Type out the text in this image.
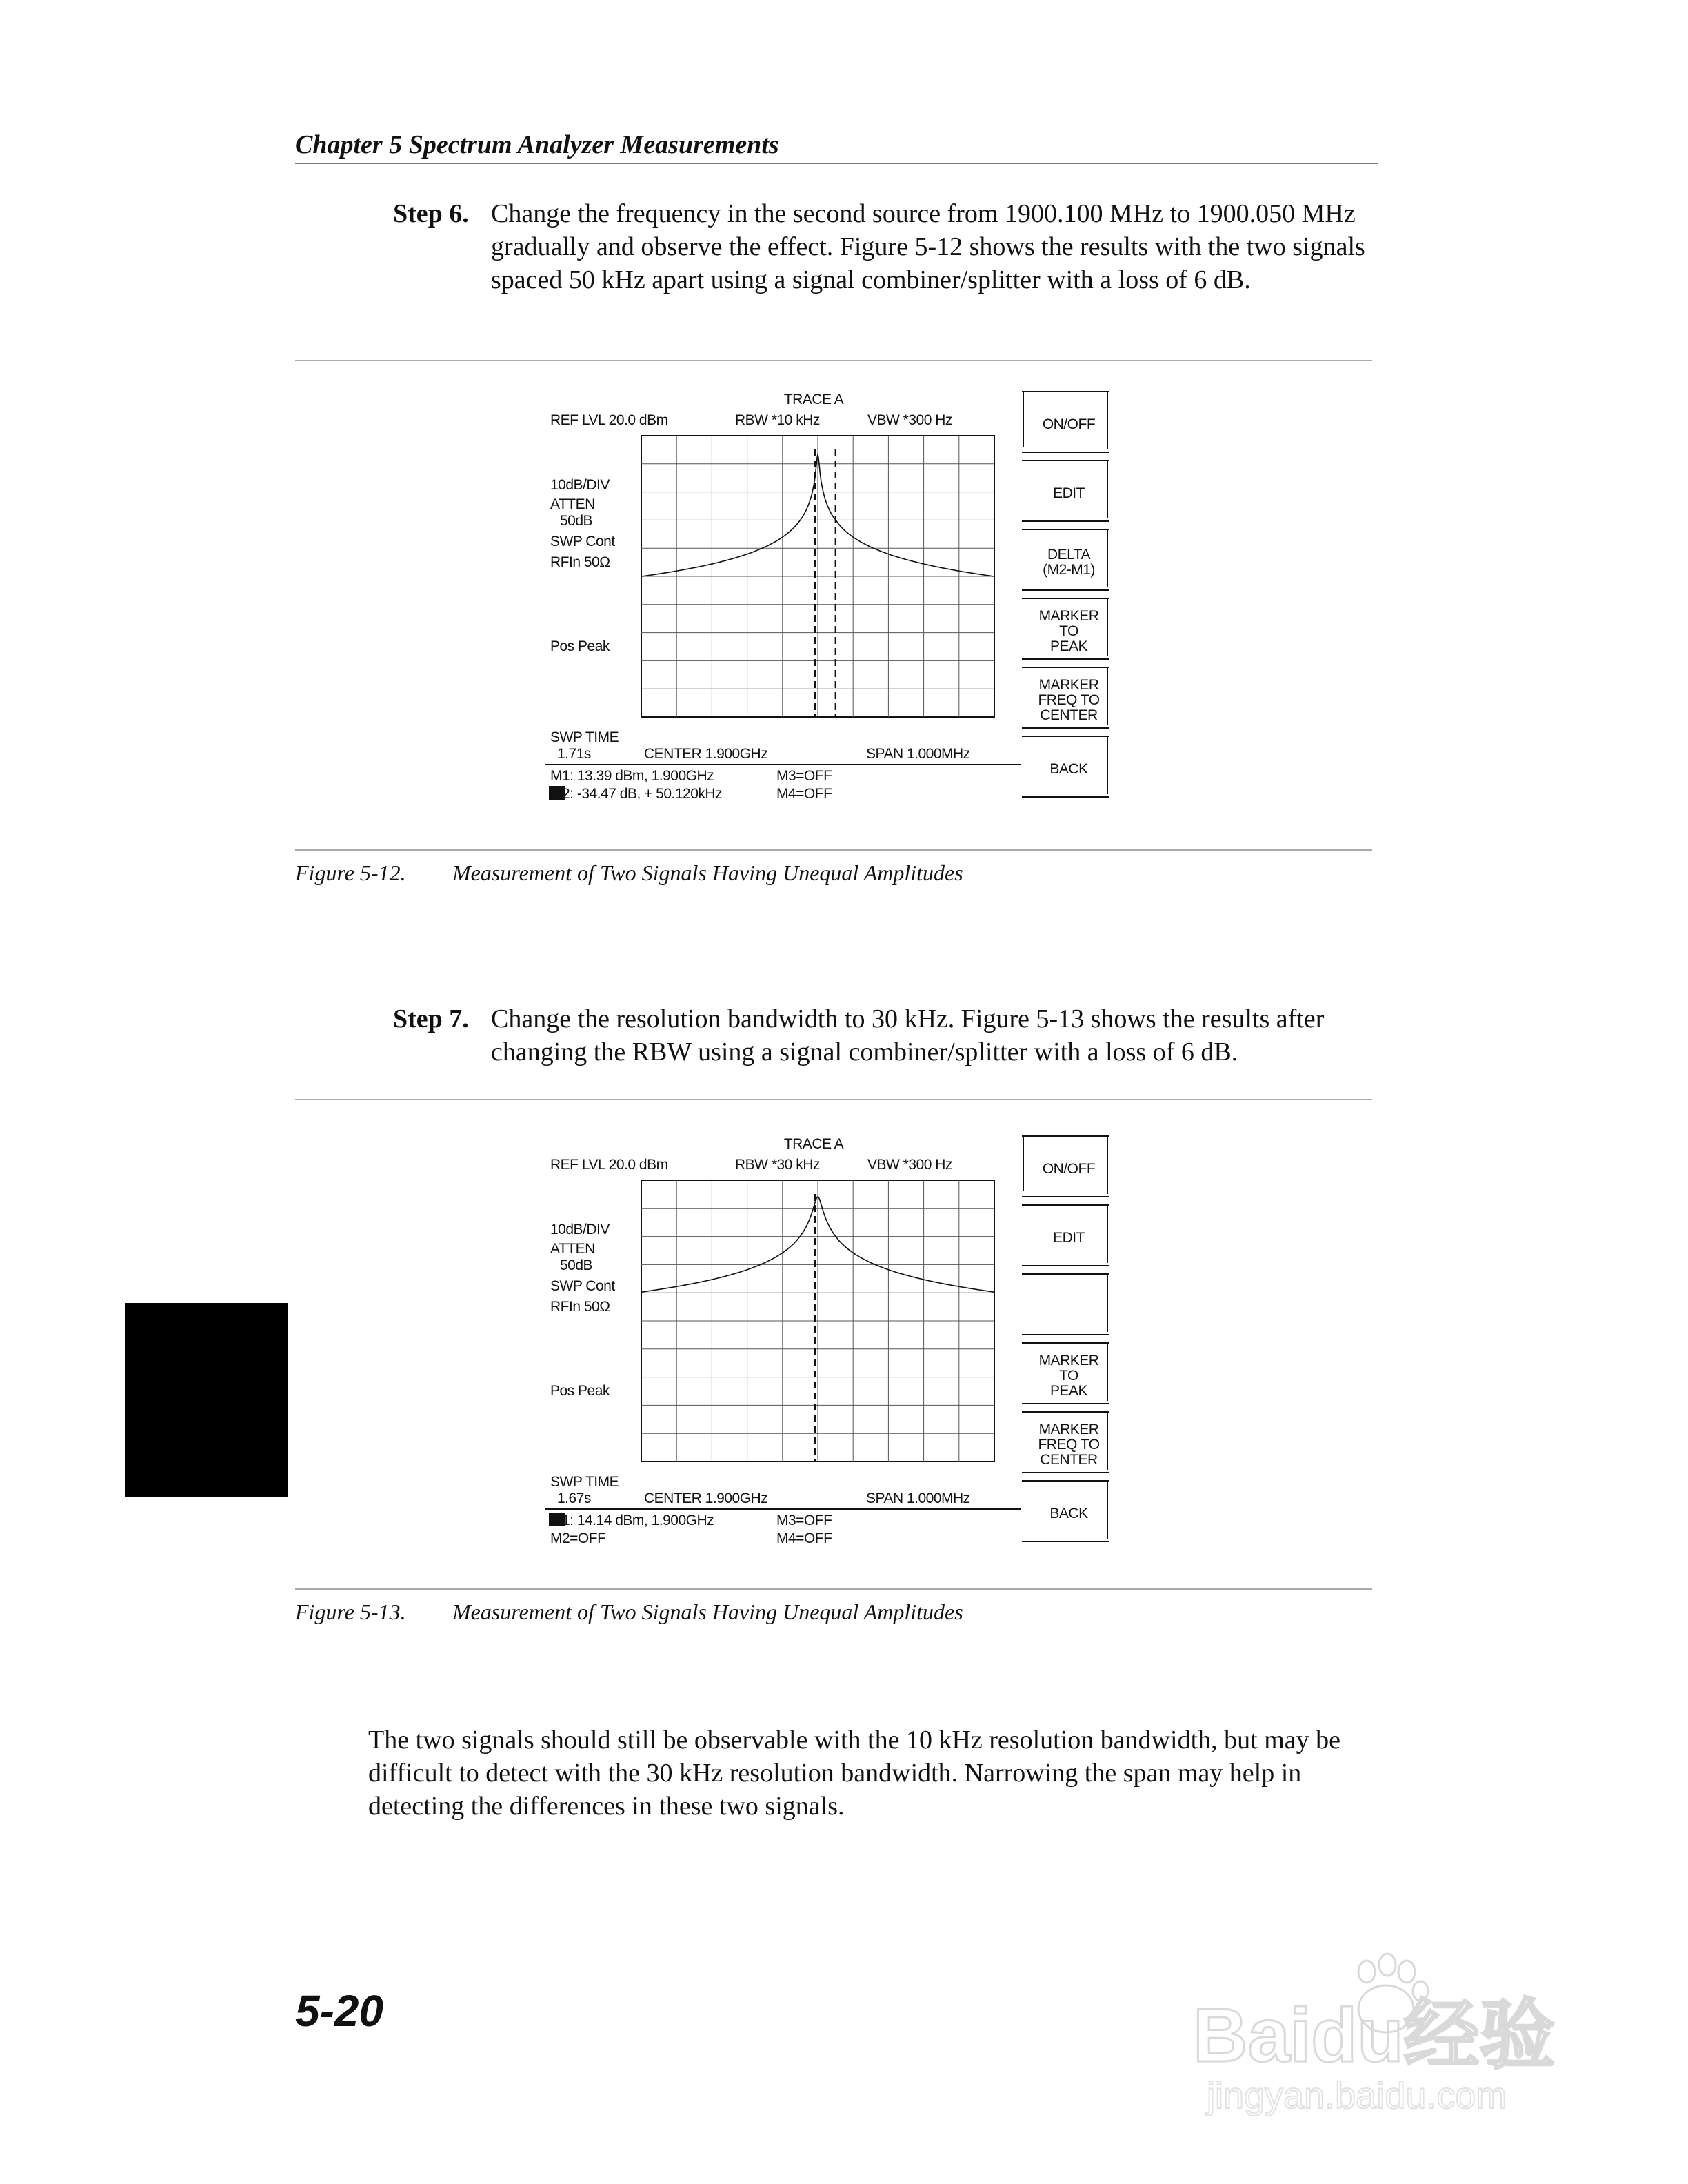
Chapter 5 Spectrum Analyzer Measurements
Step 6. Change the frequency in the second source from 1900.100 MHz to 1900.050 MHz gradually and observe the effect. Figure 5-12 shows the results with the two signals spaced 50 kHz apart using a signal combiner/splitter with a loss of 6 dB.
TRACE A
REF LVL 20.0 dBm	RBW *10 kHz	VBW *300 Hz
10dB/DIV
ATTEN
50dB
SWP Cont
RFIn 50Ω
Pos Peak
SWP TIME
1.71s	CENTER 1.900GHz	SPAN 1.000MHz
M1: 13.39 dBm, 1.900GHz	M3=OFF
M2: -34.47 dB, + 50.120kHz	M4=OFF
ON/OFF
EDIT
DELTA
(M2-M1)
MARKER
TO
PEAK
MARKER
FREQ TO
CENTER
BACK
Figure 5-12. Measurement of Two Signals Having Unequal Amplitudes
Step 7. Change the resolution bandwidth to 30 kHz. Figure 5-13 shows the results after changing the RBW using a signal combiner/splitter with a loss of 6 dB.
TRACE A
REF LVL 20.0 dBm	RBW *30 kHz	VBW *300 Hz
10dB/DIV
ATTEN
50dB
SWP Cont
RFIn 50Ω
Pos Peak
SWP TIME
1.67s	CENTER 1.900GHz	SPAN 1.000MHz
M1: 14.14 dBm, 1.900GHz	M3=OFF
M2=OFF	M4=OFF
ON/OFF
EDIT
MARKER
TO
PEAK
MARKER
FREQ TO
CENTER
BACK
Figure 5-13. Measurement of Two Signals Having Unequal Amplitudes
The two signals should still be observable with the 10 kHz resolution bandwidth, but may be difficult to detect with the 30 kHz resolution bandwidth. Narrowing the span may help in detecting the differences in these two signals.
5-20	Baidu经验
jingyan.baidu.com
